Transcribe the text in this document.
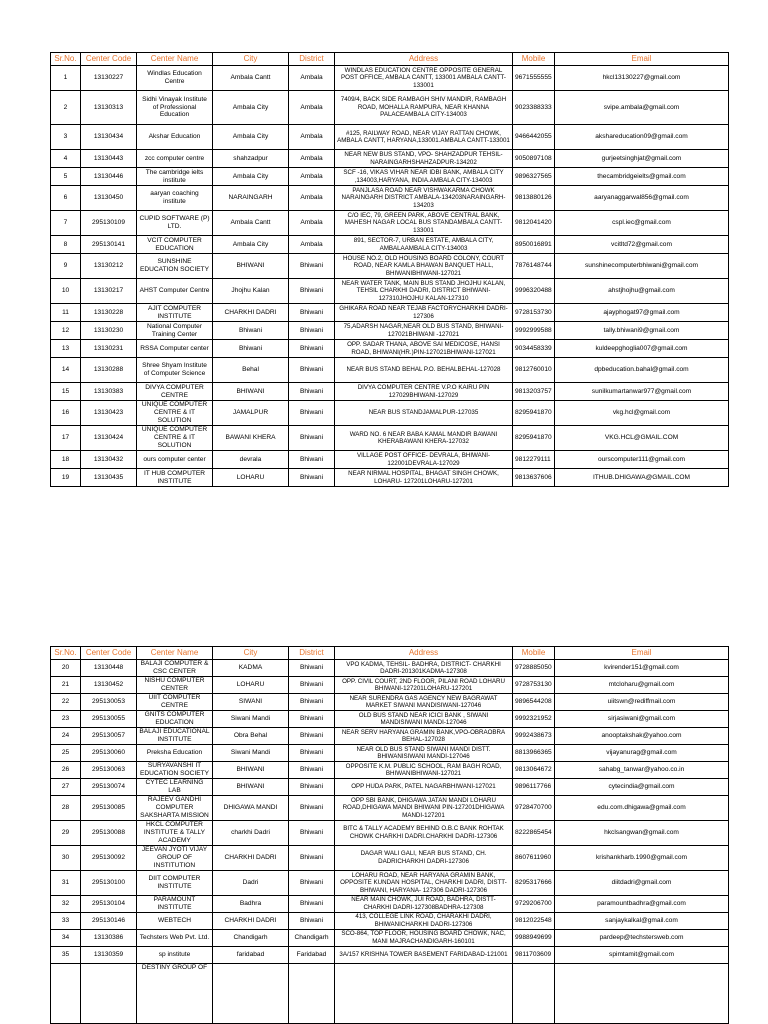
Sr.No.	Center Code	Center Name	City	District	Address	Mobile	Email
1	13130227	Windlas Education Centre	Ambala Cantt	Ambala	WINDLAS EDUCATION CENTRE OPPOSITE GENERAL POST OFFICE, AMBALA CANTT, 133001 AMBALA CANTT-133001	9671555555	hkcl13130227@gmail.com
2	13130313	Sidhi Vinayak Institute of Professional Education	Ambala City	Ambala	7409/4, BACK SIDE RAMBAGH SHIV MANDIR, RAMBAGH ROAD, MOHALLA RAMPURA, NEAR KHANNA PALACEAMBALA CITY-134003	9023388333	svipe.ambala@gmail.com
3	13130434	Akshar Education	Ambala City	Ambala	#125, RAILWAY ROAD, NEAR VIJAY RATTAN CHOWK, AMBALA CANTT, HARYANA,133001.AMBALA CANTT-133001	9466442055	akshareducation09@gmail.com
4	13130443	zcc computer centre	shahzadpur	Ambala	NEAR NEW BUS STAND, VPO- SHAHZADPUR TEHSIL-NARAINGARHSHAHZADPUR-134202	9050897108	gurjeetsinghjat@gmail.com
5	13130446	The cambridge ielts institute	Ambala City	Ambala	SCF -16, VIKAS VIHAR NEAR IDBI BANK, AMBALA CITY ,134003,HARYANA, INDIA.AMBALA CITY-134003	9896327565	thecambridgeielts@gmail.com
6	13130450	aaryan coaching institute	NARAINGARH	Ambala	PANJLASA ROAD NEAR VISHWAKARMA CHOWK NARAINGARH DISTRICT AMBALA-134203NARAINGARH-134203	9813880126	aaryanaggarwal856@gmail.com
7	295130109	CUPID SOFTWARE (P) LTD.	Ambala Cantt	Ambala	C/O IEC, 79, GREEN PARK, ABOVE CENTRAL BANK, MAHESH NAGAR LOCAL BUS STANDAMBALA CANTT-133001	9812041420	cspl.iec@gmail.com
8	295130141	VCIT COMPUTER EDUCATION	Ambala City	Ambala	891, SECTOR-7, URBAN ESTATE, AMBALA CITY, AMBALAAMBALA CITY-134003	8950016891	vcitltd72@gmail.com
9	13130212	SUNSHINE EDUCATION SOCIETY	BHIWANI	Bhiwani	HOUSE NO.2, OLD HOUSING BOARD COLONY, COURT ROAD, NEAR KAMLA BHAWAN BANQUET HALL, BHIWANIBHIWANI-127021	7876148744	sunshinecomputerbhiwani@gmail.com
10	13130217	AHST Computer Centre	Jhojhu Kalan	Bhiwani	NEAR WATER TANK, MAIN BUS STAND JHOJHU KALAN, TEHSIL CHARKHI DADRI, DISTRICT BHIWANI-127310JHOJHU KALAN-127310	9996320488	ahstjhojhu@gmail.com
11	13130228	AJIT COMPUTER INSTITUTE	CHARKHI DADRI	Bhiwani	GHIKARA ROAD NEAR TEJAB FACTORYCHARKHI DADRI-127306	9728153730	ajayphogat97@gmail.com
12	13130230	National Computer Training Center	Bhiwani	Bhiwani	75,ADARSH NAGAR,NEAR OLD BUS STAND, BHIWANI-127021BHIWANI -127021	9992999588	tally.bhiwani9@gmail.com
13	13130231	RSSA Computer center	Bhiwani	Bhiwani	OPP. SADAR THANA, ABOVE SAI MEDICOSE, HANSI ROAD, BHIWANI(HR.)PIN-127021BHIWANI-127021	9034458339	kuldeepghoglia007@gmail.com
14	13130288	Shree Shyam Institute of Computer Science	Behal	Bhiwani	NEAR BUS STAND BEHAL P.O. BEHALBEHAL-127028	9812760010	dpbeducation.bahal@gmail.com
15	13130383	DIVYA COMPUTER CENTRE	BHIWANI	Bhiwani	DIVYA COMPUTER CENTRE V.P.O KAIRU PIN 127029BHIWANI-127029	9813203757	sunilkumartanwar977@gmail.com
16	13130423	UNIQUE COMPUTER CENTRE & IT SOLUTION	JAMALPUR	Bhiwani	NEAR BUS STANDJAMALPUR-127035	8295941870	vkg.hcl@gmail.com
17	13130424	UNIQUE COMPUTER CENTRE & IT SOLUTION	BAWANI KHERA	Bhiwani	WARD NO. 6 NEAR BABA KAMAL MANDIR BAWANI KHERABAWANI KHERA-127032	8295941870	VKG.HCL@GMAIL.COM
18	13130432	ours computer center	devrala	Bhiwani	VILLAGE POST OFFICE- DEVRALA, BHIWANI-122001DEVRALA-127029	9812279111	ourscomputer111@gmail.com
19	13130435	IT HUB COMPUTER INSTITUTE	LOHARU	Bhiwani	NEAR NIRMAL HOSPITAL, BHAGAT SINGH CHOWK, LOHARU- 127201LOHARU-127201	9813637606	ITHUB.DHIGAWA@GMAIL.COM
Sr.No.	Center Code	Center Name	City	District	Address	Mobile	Email
20	13130448	BALAJI COMPUTER & CSC CENTER	KADMA	Bhiwani	VPO KADMA, TEHSIL- BADHRA, DISTRICT- CHARKHI DADRI-201301KADMA-127308	9728885050	kvirender151@gmail.com
21	13130452	NISHU COMPUTER CENTER	LOHARU	Bhiwani	OPP. CIVIL COURT, 2ND FLOOR, PILANI ROAD LOHARU BHIWANI-127201LOHARU-127201	9728753130	mtcloharu@gmail.com
22	295130053	UIIT COMPUTER CENTRE	SIWANI	Bhiwani	NEAR SURENDRA GAS AGENCY NEW BAGRAWAT MARKET SIWANI MANDISIWANI-127046	9896544208	uiitswn@rediffmail.com
23	295130055	GNITS COMPUTER EDUCATION	Siwani Mandi	Bhiwani	OLD BUS STAND NEAR ICICI BANK , SIWANI MANDISIWANI MANDI-127046	9992321952	sirjasiwani@gmail.com
24	295130057	BALAJI EDUCATIONAL INSTITUTE	Obra Behal	Bhiwani	NEAR SERV HARYANA GRAMIN BANK,VPO-OBRAOBRA BEHAL-127028	9992438673	anooptakshak@yahoo.com
25	295130060	Preksha Education	Siwani Mandi	Bhiwani	NEAR OLD BUS STAND SIWANI MANDI DISTT. BHIWANISIWANI MANDI-127046	8813966365	vijayanurag@gmail.com
26	295130063	SURYAVANSHI IT EDUCATION SOCIETY	BHIWANI	Bhiwani	OPPOSITE K.M. PUBLIC SCHOOL, RAM BAGH ROAD, BHIWANIBHIWANI-127021	9813064672	sahabg_tanwar@yahoo.co.in
27	295130074	CYTEC LEARNING LAB	BHIWANI	Bhiwani	OPP HUDA PARK, PATEL NAGARBHIWANI-127021	9896117766	cytecindia@gmail.com
28	295130085	RAJEEV GANDHI COMPUTER SAKSHARTA MISSION	DHIGAWA MANDI	Bhiwani	OPP SBI BANK, DHIGAWA JATAN MANDI LOHARU ROAD,DHIGAWA MANDI BHIWANI PIN-127201DHIGAWA MANDI-127201	9728470700	edu.com.dhigawa@gmail.com
29	295130088	HKCL COMPUTER INSTITUTE & TALLY ACADEMY	charkhi Dadri	Bhiwani	BITC & TALLY ACADEMY BEHIND O.B.C BANK ROHTAK CHOWK CHARKHI DADRI.CHARKHI DADRI-127306	8222865454	hkclsangwan@gmail.com
30	295130092	JEEVAN JYOTI VIJAY GROUP OF INSTITUTION	CHARKHI DADRI	Bhiwani	DAGAR WALI GALI, NEAR BUS STAND, CH. DADRICHARKHI DADRI-127306	8607611960	krishankharb.1990@gmail.com
31	295130100	DIIT COMPUTER INSTITUTE	Dadri	Bhiwani	LOHARU ROAD, NEAR HARYANA GRAMIN BANK, OPPOSITE KUNDAN HOSPITAL, CHARKHI DADRI, DISTT- BHIWANI, HARYANA- 127306 DADRI-127306	8295317666	diitdadri@gmail.com
32	295130104	PARAMOUNT INSTITUTE	Badhra	Bhiwani	NEAR MAIN CHOWK, JUI ROAD, BADHRA, DISTT- CHARKHI DADRI-127308BADHRA-127308	9729206700	paramountbadhra@gmail.com
33	295130146	WEBTECH	CHARKHI DADRI	Bhiwani	413, COLLEGE LINK ROAD, CHARAKHI DADRI, BHIWANICHARKHI DADRI-127306	9812022548	sanjaykalkal@gmail.com
34	13130386	Techsters Web Pvt. Ltd.	Chandigarh	Chandigarh	SCO-864, TOP FLOOR, HOUSING BOARD CHOWK, NAC, MANI MAJRACHANDIGARH-160101	9988949699	pardeep@techstersweb.com
35	13130359	sp institute	faridabad	Faridabad	3A/157 KRISHNA TOWER BASEMENT FARIDABAD-121001	9811703609	spimtamit@gmail.com
		DESTINY GROUP OF					
